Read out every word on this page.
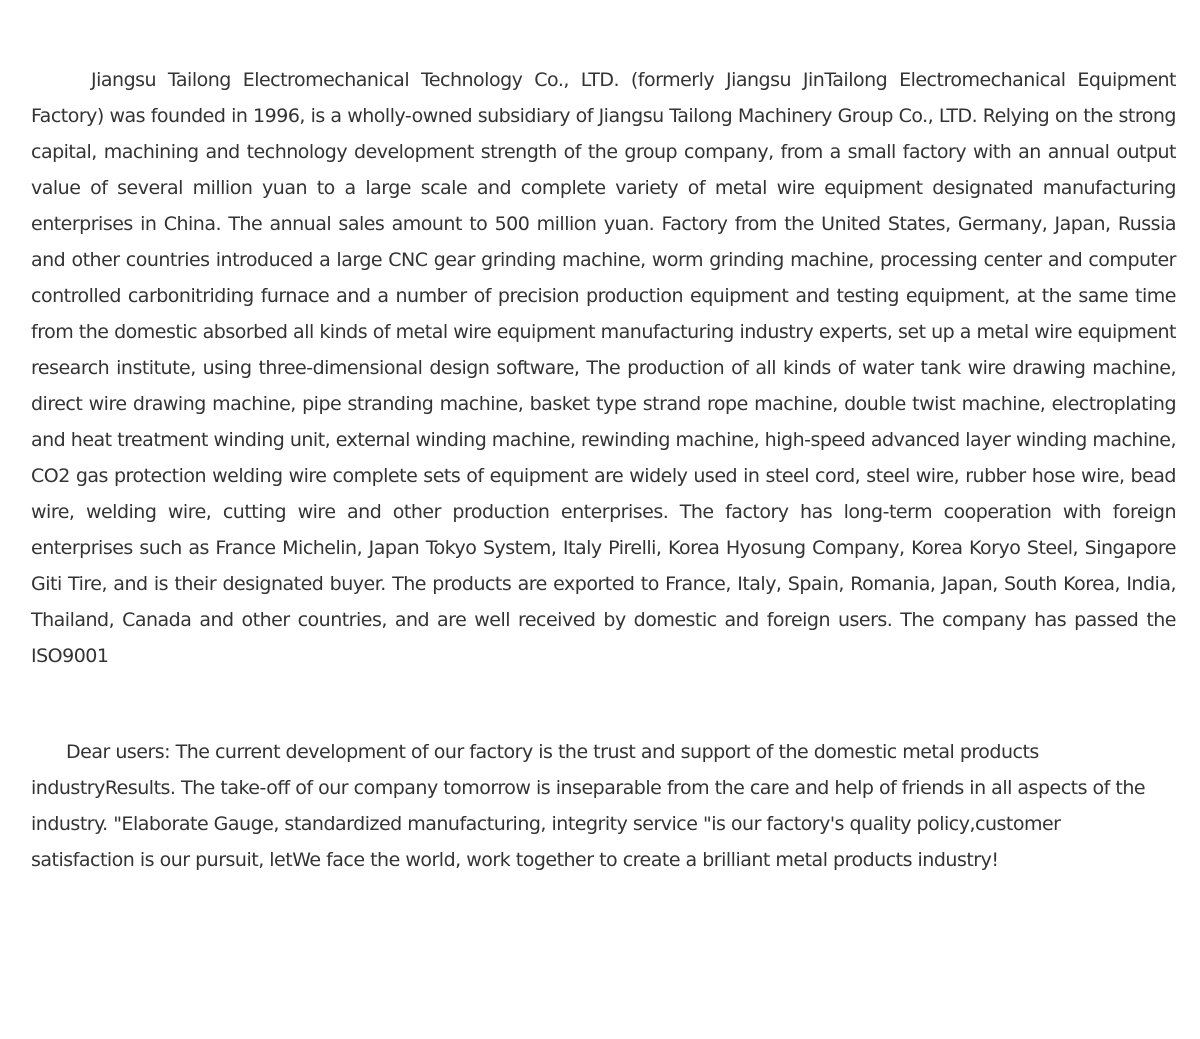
Jiangsu Tailong Electromechanical Technology Co., LTD. (formerly Jiangsu JinTailong Electromechanical Equipment Factory) was founded in 1996, is a wholly-owned subsidiary of Jiangsu Tailong Machinery Group Co., LTD. Relying on the strong capital, machining and technology development strength of the group company, from a small factory with an annual output value of several million yuan to a large scale and complete variety of metal wire equipment designated manufacturing enterprises in China. The annual sales amount to 500 million yuan. Factory from the United States, Germany, Japan, Russia and other countries introduced a large CNC gear grinding machine, worm grinding machine, processing center and computer controlled carbonitriding furnace and a number of precision production equipment and testing equipment, at the same time from the domestic absorbed all kinds of metal wire equipment manufacturing industry experts, set up a metal wire equipment research institute, using three-dimensional design software, The production of all kinds of water tank wire drawing machine, direct wire drawing machine, pipe stranding machine, basket type strand rope machine, double twist machine, electroplating and heat treatment winding unit, external winding machine, rewinding machine, high-speed advanced layer winding machine, CO2 gas protection welding wire complete sets of equipment are widely used in steel cord, steel wire, rubber hose wire, bead wire, welding wire, cutting wire and other production enterprises. The factory has long-term cooperation with foreign enterprises such as France Michelin, Japan Tokyo System, Italy Pirelli, Korea Hyosung Company, Korea Koryo Steel, Singapore Giti Tire, and is their designated buyer. The products are exported to France, Italy, Spain, Romania, Japan, South Korea, India, Thailand, Canada and other countries, and are well received by domestic and foreign users. The company has passed the ISO9001

Dear users: The current development of our factory is the trust and support of the domestic metal products industryResults. The take-off of our company tomorrow is inseparable from the care and help of friends in all aspects of the industry. "Elaborate Gauge, standardized manufacturing, integrity service "is our factory's quality policy,customer satisfaction is our pursuit, letWe face the world, work together to create a brilliant metal products industry!
